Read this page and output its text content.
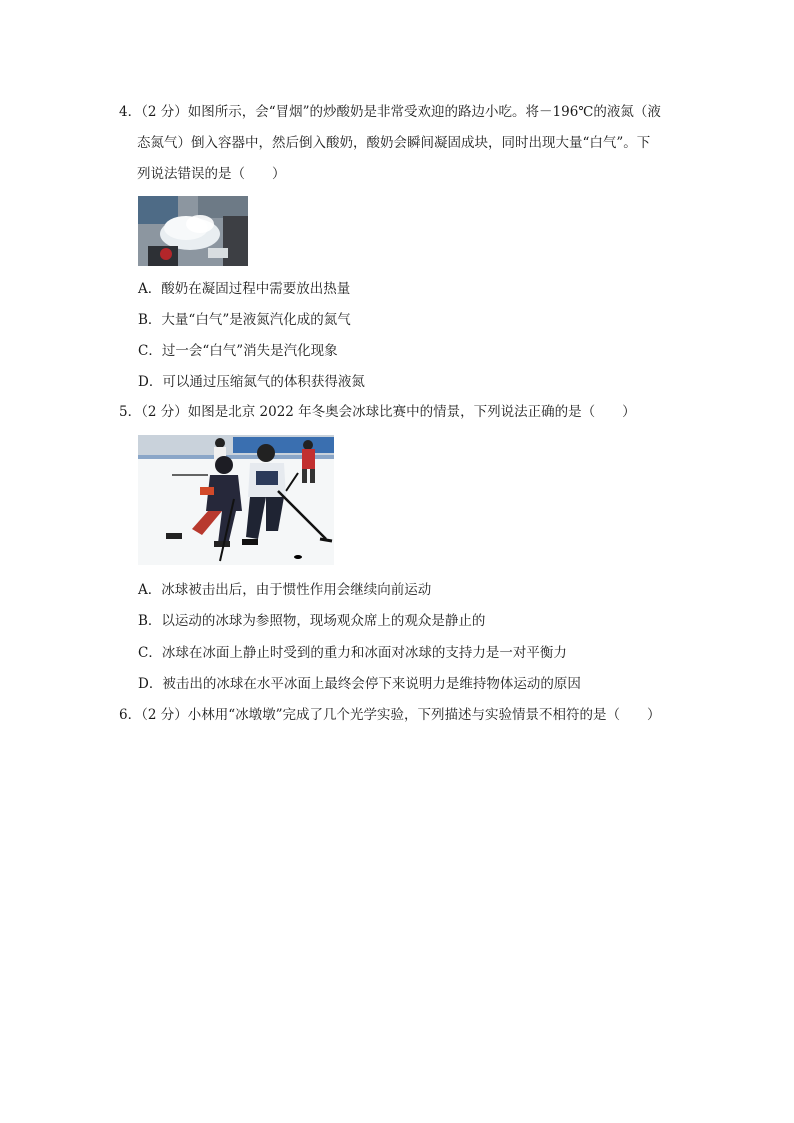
4．（2 分）如图所示，会“冒烟”的炒酸奶是非常受欢迎的路边小吃。将－196℃的液氮（液
态氮气）倒入容器中，然后倒入酸奶，酸奶会瞬间凝固成块，同时出现大量“白气”。下
列说法错误的是（　　）
A．酸奶在凝固过程中需要放出热量
B．大量“白气”是液氮汽化成的氮气
C．过一会“白气”消失是汽化现象
D．可以通过压缩氮气的体积获得液氮
5．（2 分）如图是北京 2022 年冬奥会冰球比赛中的情景，下列说法正确的是（　　）
A．冰球被击出后，由于惯性作用会继续向前运动
B．以运动的冰球为参照物，现场观众席上的观众是静止的
C．冰球在冰面上静止时受到的重力和冰面对冰球的支持力是一对平衡力
D．被击出的冰球在水平冰面上最终会停下来说明力是维持物体运动的原因
6．（2 分）小林用“冰墩墩”完成了几个光学实验，下列描述与实验情景不相符的是（　　）
